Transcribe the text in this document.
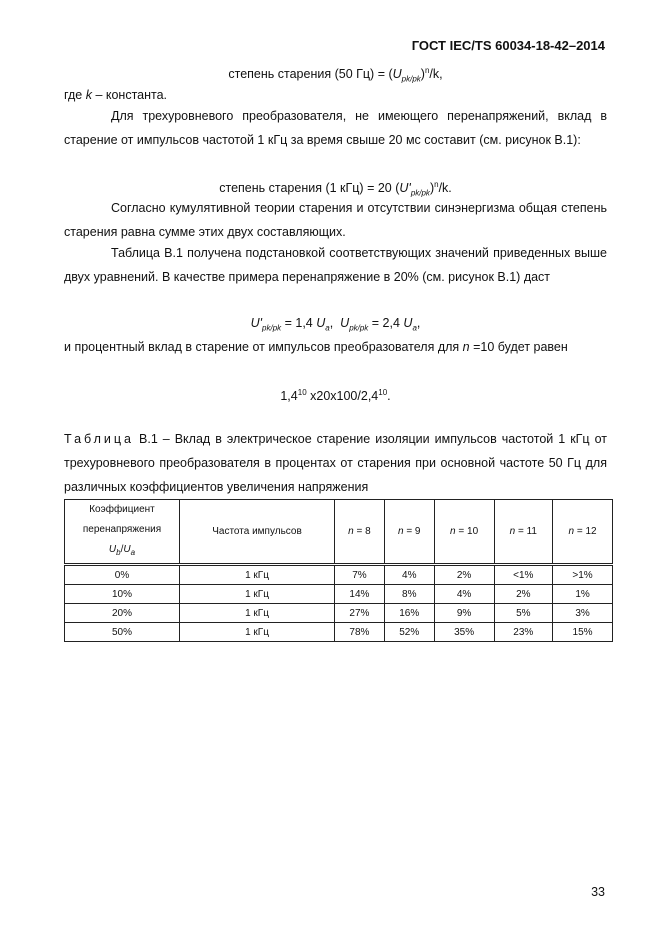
ГОСТ IEC/TS 60034-18-42–2014

степень старения (50 $Гц) = (U_{pk/pk})^n/k$,

где k – константа.

Для трехуровневого преобразователя, не имеющего перенапряжений, вклад в старение от импульсов частотой 1 кГц за время свыше 20 мс составит (см. рисунок B.1):

степень старения (1 кГц) = 20 $(U'_{pk/pk})^n/k$.

Согласно кумулятивной теории старения и отсутствии синэнергизма общая степень старения равна сумме этих двух составляющих.

Таблица В.1 получена подстановкой соответствующих значений приведенных выше двух уравнений. В качестве примера перенапряжение в 20% (см. рисунок В.1) даст

$U'_{pk/pk} = 1,4$ $U_a$,  $U_{pk/pk} = 2,4$ $U_a$,

и процентный вклад в старение от импульсов преобразователя для n =10 будет равен

$1,4^{10}$ $x20x100/2,4^{10}$.

Таблица В.1 – Вклад в электрическое старение изоляции импульсов частотой 1 кГц от трехуровневого преобразователя в процентах от старения при основной частоте 50 Гц для различных коэффициентов увеличения напряжения

Коэффициент
перенапряжения
$U_b/U_a$	Частота импульсов	n = 8	n = 9	n = 10	n = 11	n = 12
0%	1 кГц	7%	4%	2%	<1%	>1%
10%	1 кГц	14%	8%	4%	2%	1%
20%	1 кГц	27%	16%	9%	5%	3%
50%	1 кГц	78%	52%	35%	23%	15%
33
